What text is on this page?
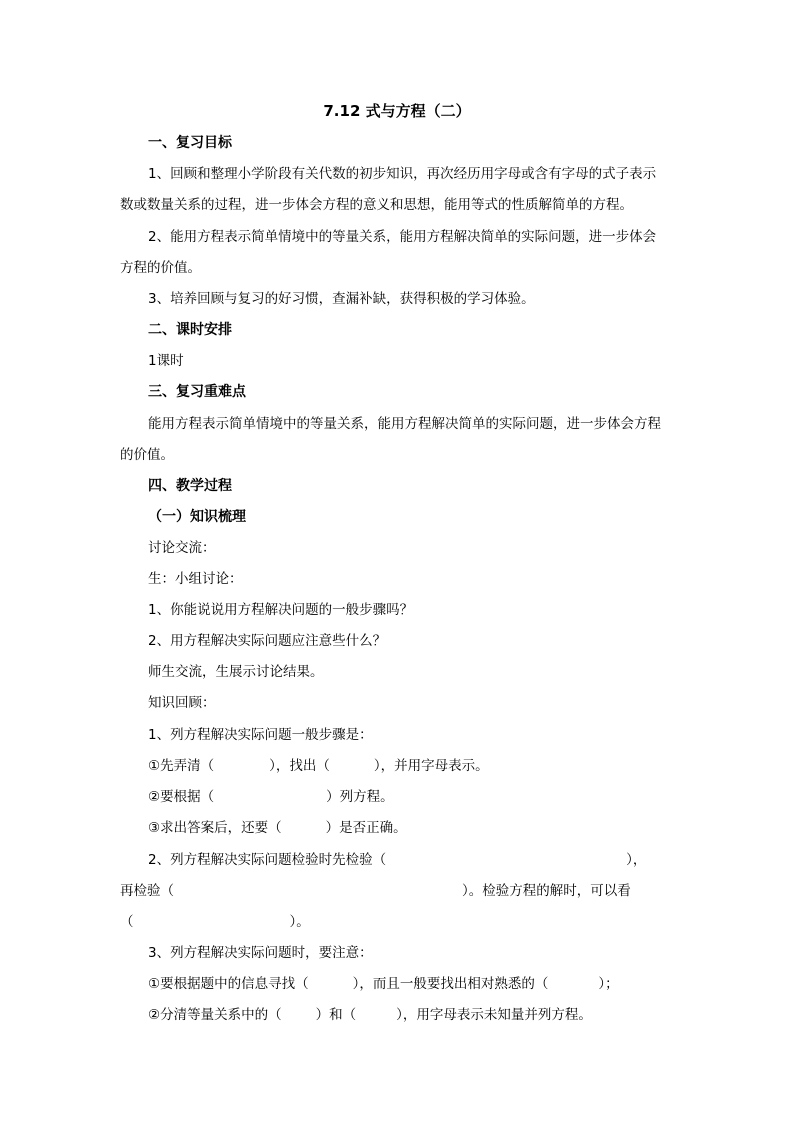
7.12 式与方程（二）
一、复习目标
1、回顾和整理小学阶段有关代数的初步知识，再次经历用字母或含有字母的式子表示
数或数量关系的过程，进一步体会方程的意义和思想，能用等式的性质解简单的方程。
2、能用方程表示简单情境中的等量关系，能用方程解决简单的实际问题，进一步体会
方程的价值。
3、培养回顾与复习的好习惯，查漏补缺，获得积极的学习体验。
二、课时安排
1课时
三、复习重难点
能用方程表示简单情境中的等量关系，能用方程解决简单的实际问题，进一步体会方程
的价值。
四、教学过程
（一）知识梳理
讨论交流：
生：小组讨论：
1、你能说说用方程解决问题的一般步骤吗？
2、用方程解决实际问题应注意些什么？
师生交流，生展示讨论结果。
知识回顾：
1、列方程解决实际问题一般步骤是：
①先弄清（	），找出（	），并用字母表示。
②要根据（	）列方程。
③求出答案后，还要（	）是否正确。
2、列方程解决实际问题检验时先检验（	），
再检验（	）。检验方程的解时，可以看
（	）。
3、列方程解决实际问题时，要注意：
①要根据题中的信息寻找（	），而且一般要找出相对熟悉的（	）；
②分清等量关系中的（	）和（	），用字母表示未知量并列方程。
